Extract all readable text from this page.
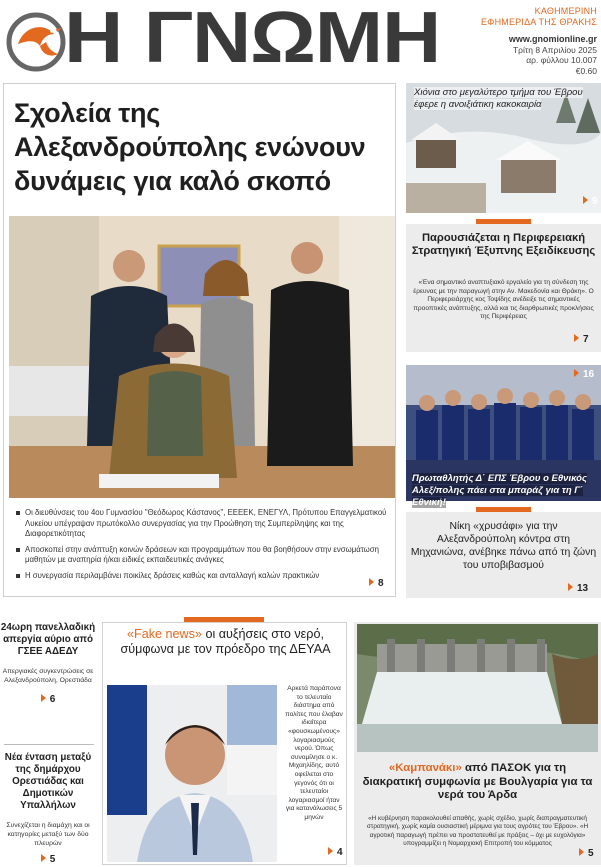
Η ΓΝΩΜΗ	ΚΑΘΗΜΕΡΙΝΗ
ΕΦΗΜΕΡΙΔΑ ΤΗΣ ΘΡΑΚΗΣ
www.gnomionline.gr
Τρίτη 8 Απριλίου 2025
αρ. φύλλου 10.007
€0.60
Σχολεία της Αλεξανδρούπολης ενώνουν δυνάμεις για καλό σκοπό
Οι διευθύνσεις του 4ου Γυμνασίου "Θεόδωρος Κάστανος", ΕΕΕΕΚ, ΕΝΕΓΥΛ, Πρότυπου Επαγγελματικού Λυκείου υπέγραψαν πρωτόκολλο συνεργασίας για την Προώθηση της Συμπερίληψης και της Διαφορετικότητας
Αποσκοπεί στην ανάπτυξη κοινών δράσεων και προγραμμάτων που θα βοηθήσουν στην ενσωμάτωση μαθητών με αναπηρία ή/και ειδικές εκπαιδευτικές ανάγκες
Η συνεργασία περιλαμβάνει ποικίλες δράσεις καθώς και ανταλλαγή καλών πρακτικών
8
Χιόνια στο μεγαλύτερο τμήμα του Έβρου έφερε η ανοιξιάτικη κακοκαιρία
9
Παρουσιάζεται η Περιφερειακή Στρατηγική Έξυπνης Εξειδίκευσης
«Ένα σημαντικό αναπτυξιακό εργαλείο για τη σύνδεση της έρευνας με την παραγωγή στην Αν. Μακεδονία και Θράκη». Ο Περιφερειάρχης κος Τοψίδης ανέδειξε τις σημαντικές προοπτικές ανάπτυξης, αλλά και τις διαρθρωτικές προκλήσεις της Περιφέρειας
7
16
Πρωταθλητής Δ΄ ΕΠΣ Έβρου ο Εθνικός Αλεξ/πολης πάει στα μπαράζ για τη Γ΄ Εθνική!
Νίκη «χρυσάφι» για την Αλεξανδρούπολη κόντρα στη Μηχανιώνα, ανέβηκε πάνω από τη ζώνη του υποβιβασμού
13
24ωρη πανελλαδική απεργία αύριο από ΓΣΕΕ ΑΔΕΔΥ
Απεργιακές συγκεντρώσεις σε Αλεξανδρούπολη, Ορεστιάδα
6
Νέα ένταση μεταξύ της δημάρχου Ορεστιάδας και Δημοτικών Υπαλλήλων
Συνεχίζεται η διαμάχη και οι κατηγορίες μεταξύ των δύο πλευρών
5
«Fake news» οι αυξήσεις στο νερό, σύμφωνα με τον πρόεδρο της ΔΕΥΑΑ
Αρκετά παράπονα το τελευταίο διάστημα από πολίτες που έλαβαν ιδιαίτερα «φουσκωμένους» λογαριασμούς νερού. Όπως συνομίλησε ο κ. Μιχαηλίδης, αυτό οφείλεται στο γεγονός ότι οι τελευταίοι λογαριασμοί ήταν για κατανάλωσεις 5 μηνών
4
«Καμπανάκι» από ΠΑΣΟΚ για τη διακρατική συμφωνία με Βουλγαρία για τα νερά του Άρδα
«Η κυβέρνηση παρακολουθεί απαθής, χωρίς σχέδιο, χωρίς διαπραγματευτική στρατηγική, χωρίς καμία ουσιαστική μέριμνα για τους αγρότες του Έβρου». «Η αγροτική παραγωγή πρέπει να προστατευθεί με πράξεις – όχι με ευχολόγια» υπογραμμίζει η Νομαρχιακή Επιτροπή του κόμματος
5
